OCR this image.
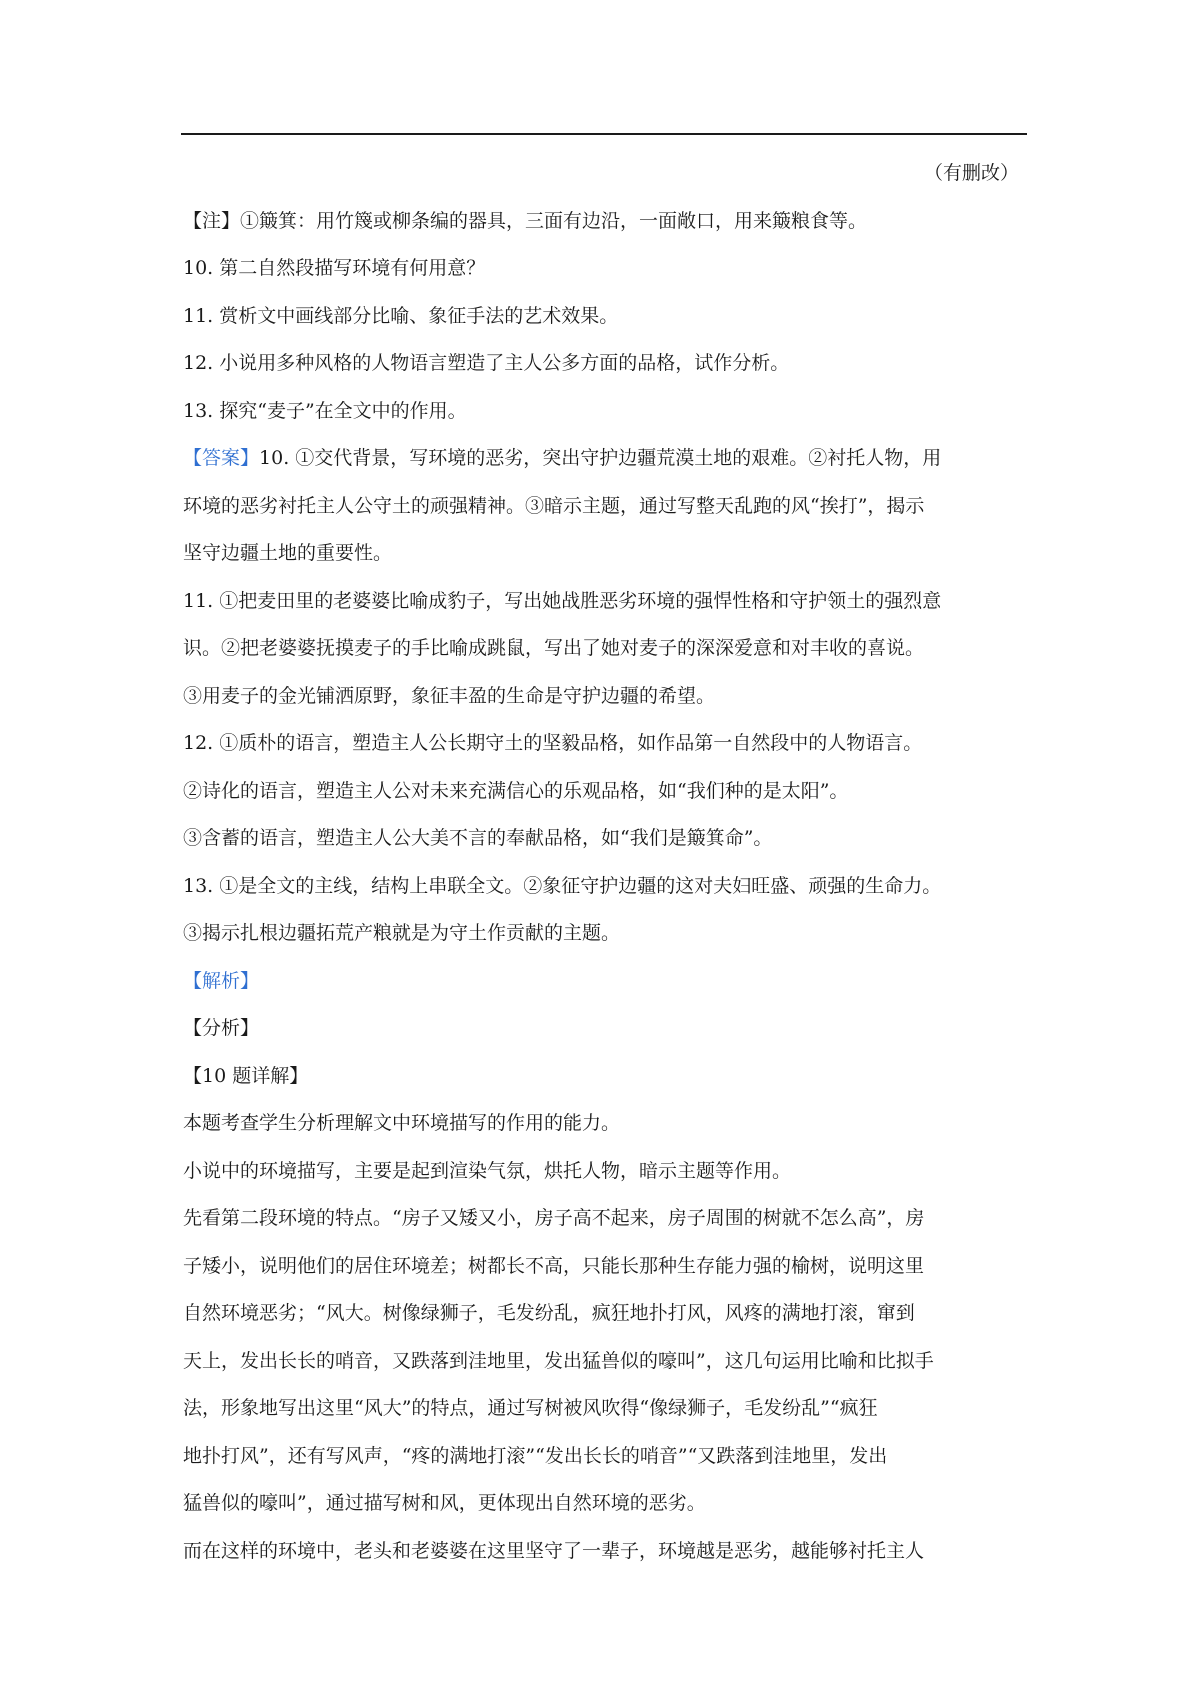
（有删改）
【注】①簸箕：用竹篾或柳条编的器具，三面有边沿，一面敞口，用来簸粮食等。
10. 第二自然段描写环境有何用意？
11. 赏析文中画线部分比喻、象征手法的艺术效果。
12. 小说用多种风格的人物语言塑造了主人公多方面的品格，试作分析。
13. 探究“麦子”在全文中的作用。
【答案】10. ①交代背景，写环境的恶劣，突出守护边疆荒漠土地的艰难。②衬托人物，用
环境的恶劣衬托主人公守土的顽强精神。③暗示主题，通过写整天乱跑的风“挨打”，揭示
坚守边疆土地的重要性。
11. ①把麦田里的老婆婆比喻成豹子，写出她战胜恶劣环境的强悍性格和守护领土的强烈意
识。②把老婆婆抚摸麦子的手比喻成跳鼠，写出了她对麦子的深深爱意和对丰收的喜说。
③用麦子的金光铺洒原野，象征丰盈的生命是守护边疆的希望。
12. ①质朴的语言，塑造主人公长期守土的坚毅品格，如作品第一自然段中的人物语言。
②诗化的语言，塑造主人公对未来充满信心的乐观品格，如“我们种的是太阳”。
③含蓄的语言，塑造主人公大美不言的奉献品格，如“我们是簸箕命”。
13. ①是全文的主线，结构上串联全文。②象征守护边疆的这对夫妇旺盛、顽强的生命力。
③揭示扎根边疆拓荒产粮就是为守土作贡献的主题。
【解析】
【分析】
【10 题详解】
本题考查学生分析理解文中环境描写的作用的能力。
小说中的环境描写，主要是起到渲染气氛，烘托人物，暗示主题等作用。
先看第二段环境的特点。“房子又矮又小，房子高不起来，房子周围的树就不怎么高”，房
子矮小，说明他们的居住环境差；树都长不高，只能长那种生存能力强的榆树，说明这里
自然环境恶劣；“风大。树像绿狮子，毛发纷乱，疯狂地扑打风，风疼的满地打滚，窜到
天上，发出长长的哨音，又跌落到洼地里，发出猛兽似的嚎叫”，这几句运用比喻和比拟手
法，形象地写出这里“风大”的特点，通过写树被风吹得“像绿狮子，毛发纷乱”“疯狂
地扑打风”，还有写风声，“疼的满地打滚”“发出长长的哨音”“又跌落到洼地里，发出
猛兽似的嚎叫”，通过描写树和风，更体现出自然环境的恶劣。
而在这样的环境中，老头和老婆婆在这里坚守了一辈子，环境越是恶劣，越能够衬托主人
